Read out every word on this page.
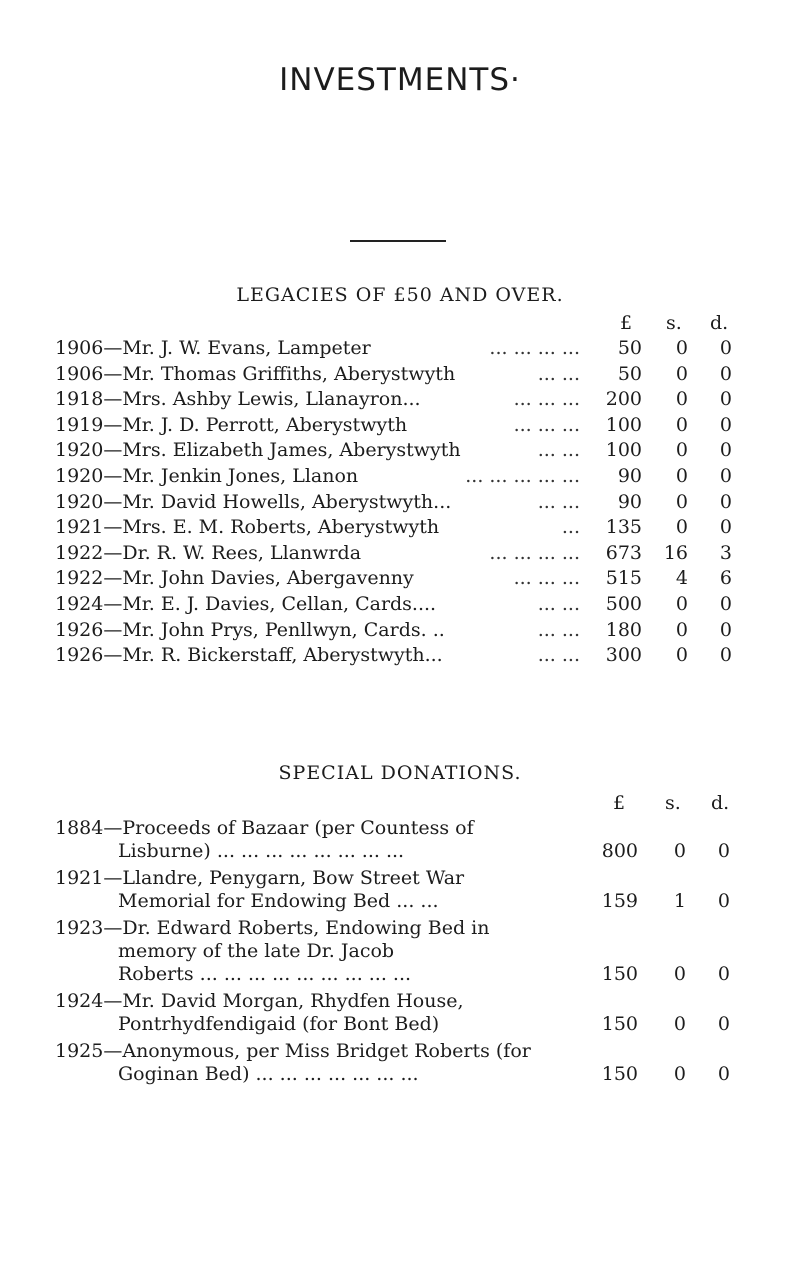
INVESTMENTS·
LEGACIES OF £50 AND OVER.
£ s. d.
1906—Mr. J. W. Evans, Lampeter	... ... ... ...	50	0	0
1906—Mr. Thomas Griffiths, Aberystwyth	... ...	50	0	0
1918—Mrs. Ashby Lewis, Llanayron...	... ... ...	200	0	0
1919—Mr. J. D. Perrott, Aberystwyth	... ... ...	100	0	0
1920—Mrs. Elizabeth James, Aberystwyth	... ...	100	0	0
1920—Mr. Jenkin Jones, Llanon	... ... ... ... ...	90	0	0
1920—Mr. David Howells, Aberystwyth...	... ...	90	0	0
1921—Mrs. E. M. Roberts, Aberystwyth	...	135	0	0
1922—Dr. R. W. Rees, Llanwrda	... ... ... ...	673	16	3
1922—Mr. John Davies, Abergavenny	... ... ...	515	4	6
1924—Mr. E. J. Davies, Cellan, Cards....	... ...	500	0	0
1926—Mr. John Prys, Penllwyn, Cards. ..	... ...	180	0	0
1926—Mr. R. Bickerstaff, Aberystwyth...	... ...	300	0	0
SPECIAL DONATIONS.
£ s. d.
1884—Proceeds of Bazaar (per Countess of
Lisburne) ... ... ... ... ... ... ... ...	800	0	0
1921—Llandre, Penygarn, Bow Street War
Memorial for Endowing Bed ... ...	159	1	0
1923—Dr. Edward Roberts, Endowing Bed in
memory of the late Dr. Jacob
Roberts ... ... ... ... ... ... ... ... ...	150	0	0
1924—Mr. David Morgan, Rhydfen House,
Pontrhydfendigaid (for Bont Bed)	150	0	0
1925—Anonymous, per Miss Bridget Roberts (for
Goginan Bed) ... ... ... ... ... ... ...	150	0	0
